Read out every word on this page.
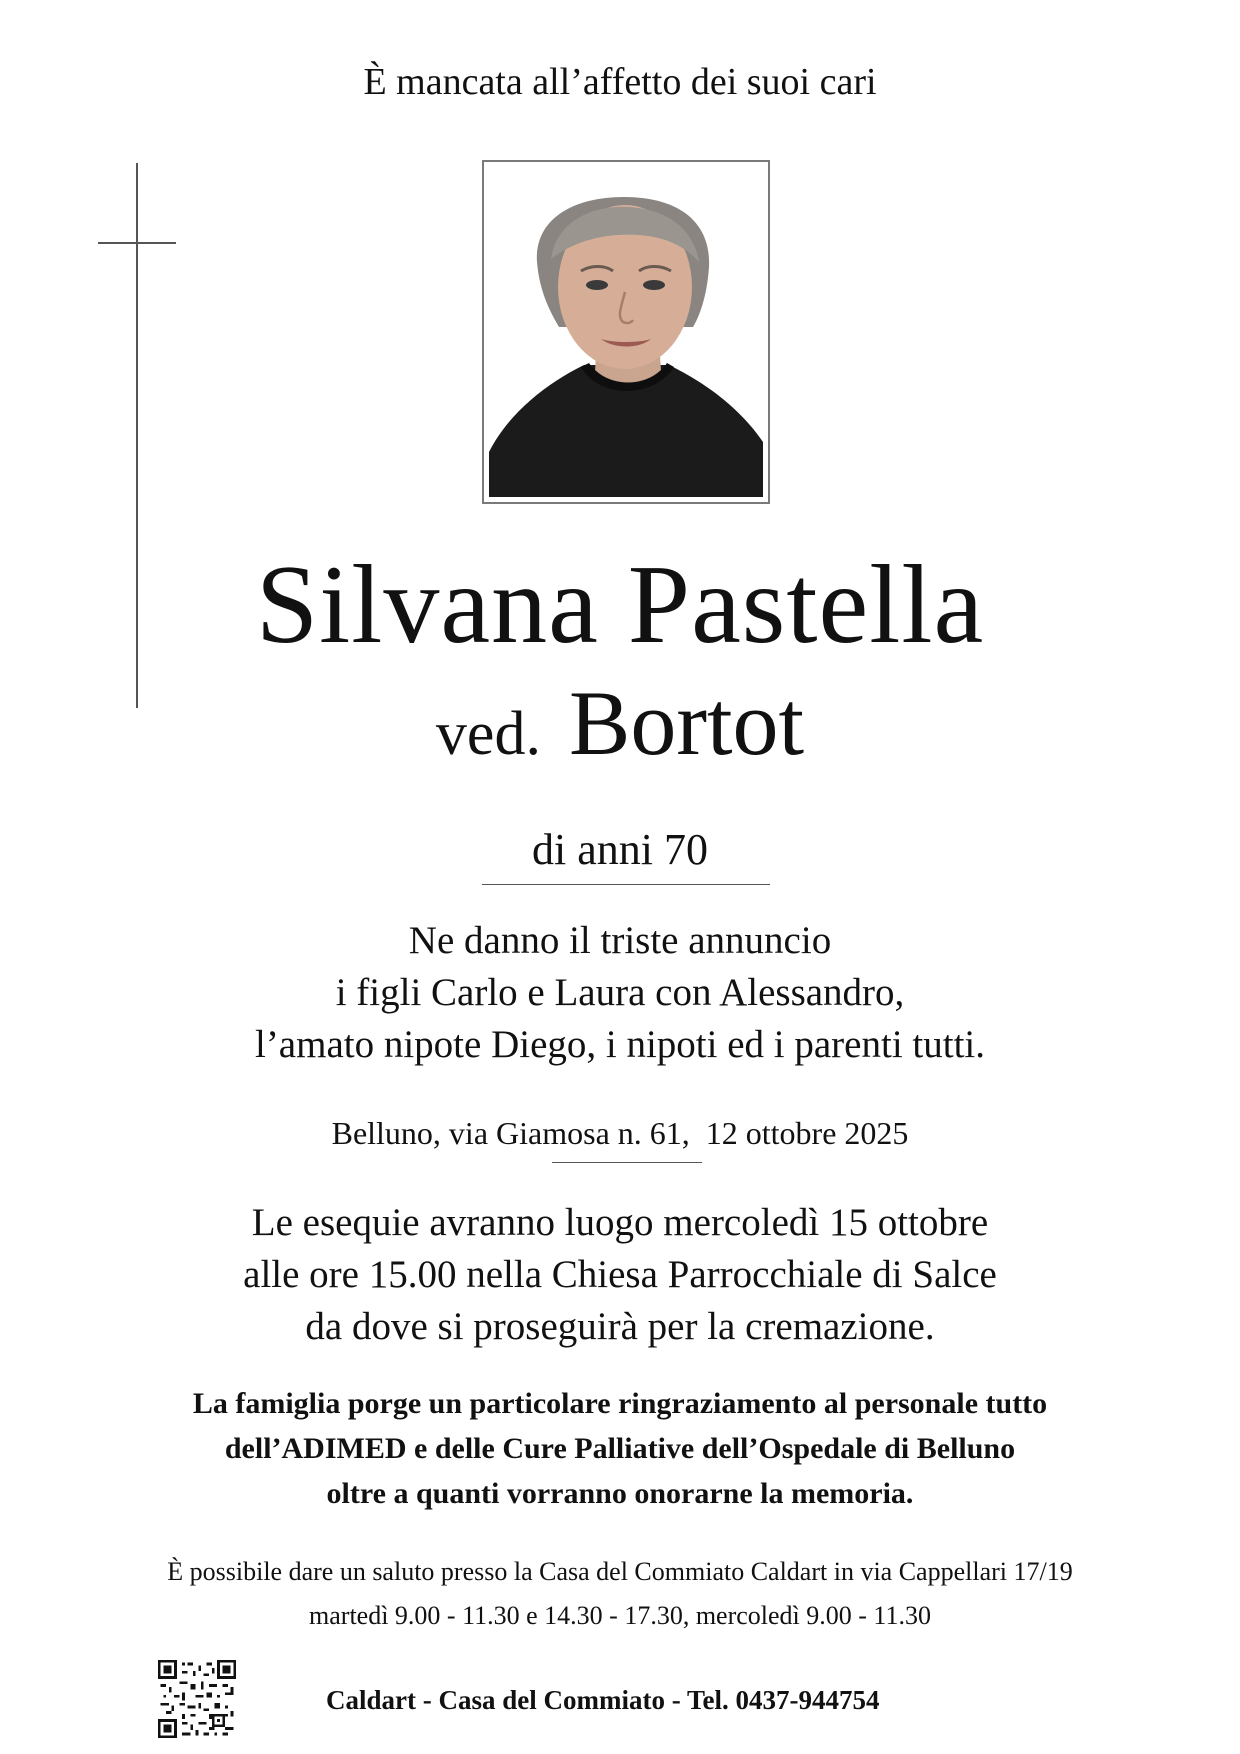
È mancata all’affetto dei suoi cari
Silvana Pastella
ved. Bortot
di anni 70
Ne danno il triste annuncio
i figli Carlo e Laura con Alessandro,
l’amato nipote Diego, i nipoti ed i parenti tutti.
Belluno, via Giamosa n. 61,  12 ottobre 2025
Le esequie avranno luogo mercoledì 15 ottobre
alle ore 15.00 nella Chiesa Parrocchiale di Salce
da dove si proseguirà per la cremazione.
La famiglia porge un particolare ringraziamento al personale tutto
dell’ADIMED e delle Cure Palliative dell’Ospedale di Belluno
oltre a quanti vorranno onorarne la memoria.
È possibile dare un saluto presso la Casa del Commiato Caldart in via Cappellari 17/19
martedì 9.00 - 11.30 e 14.30 - 17.30, mercoledì 9.00 - 11.30
Caldart - Casa del Commiato - Tel. 0437-944754
